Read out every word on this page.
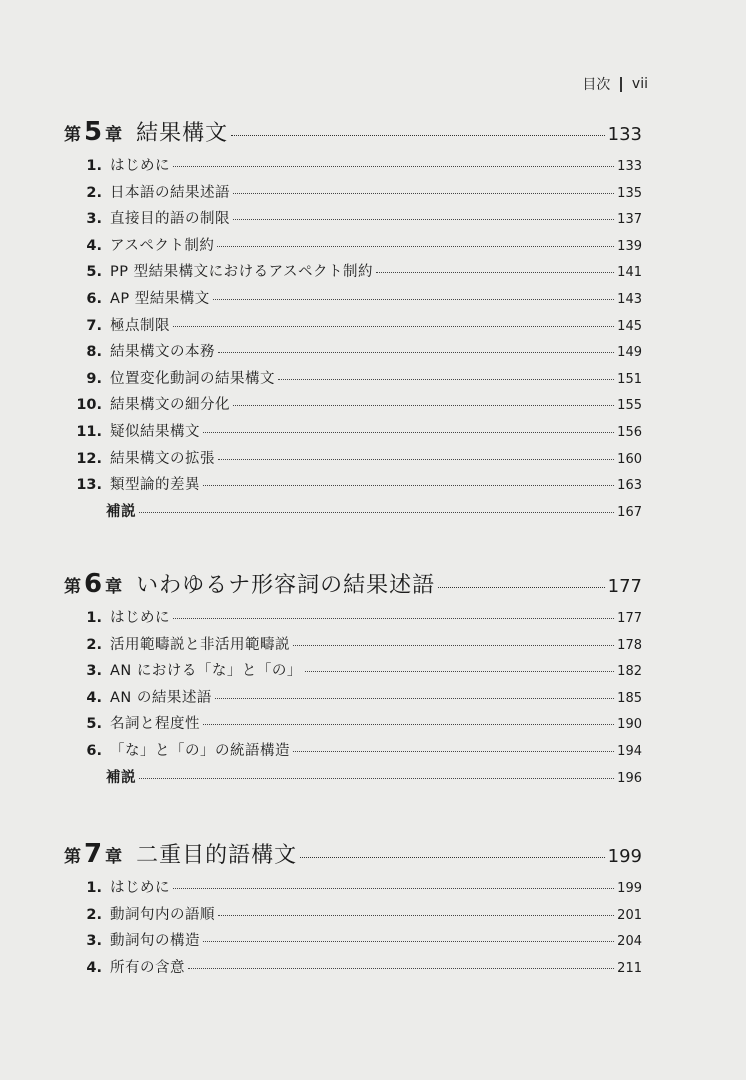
目次 vii
第 5 章 結果構文	133
1. はじめに	133
2. 日本語の結果述語	135
3. 直接目的語の制限	137
4. アスペクト制約	139
5. PP 型結果構文におけるアスペクト制約	141
6. AP 型結果構文	143
7. 極点制限	145
8. 結果構文の本務	149
9. 位置変化動詞の結果構文	151
10. 結果構文の細分化	155
11. 疑似結果構文	156
12. 結果構文の拡張	160
13. 類型論的差異	163
補説	167
第 6 章 いわゆるナ形容詞の結果述語	177
1. はじめに	177
2. 活用範疇説と非活用範疇説	178
3. AN における「な」と「の」	182
4. AN の結果述語	185
5. 名詞と程度性	190
6. 「な」と「の」の統語構造	194
補説	196
第 7 章 二重目的語構文	199
1. はじめに	199
2. 動詞句内の語順	201
3. 動詞句の構造	204
4. 所有の含意	211
